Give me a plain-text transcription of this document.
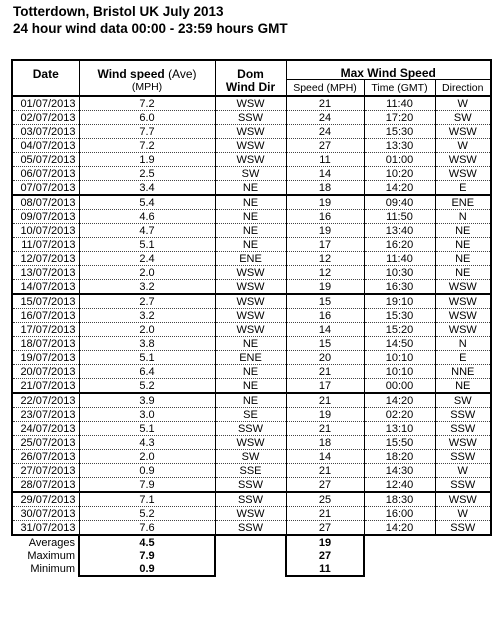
Totterdown, Bristol UK July 2013
24 hour wind data 00:00 - 23:59 hours GMT
Date	Wind speed (Ave)	Dom	Max Wind Speed		
	(MPH)	Wind Dir	Speed (MPH)	Time (GMT)	Direction
01/07/2013	7.2	WSW	21	11:40	W
02/07/2013	6.0	SSW	24	17:20	SW
03/07/2013	7.7	WSW	24	15:30	WSW
04/07/2013	7.2	WSW	27	13:30	W
05/07/2013	1.9	WSW	11	01:00	WSW
06/07/2013	2.5	SW	14	10:20	WSW
07/07/2013	3.4	NE	18	14:20	E
08/07/2013	5.4	NE	19	09:40	ENE
09/07/2013	4.6	NE	16	11:50	N
10/07/2013	4.7	NE	19	13:40	NE
11/07/2013	5.1	NE	17	16:20	NE
12/07/2013	2.4	ENE	12	11:40	NE
13/07/2013	2.0	WSW	12	10:30	NE
14/07/2013	3.2	WSW	19	16:30	WSW
15/07/2013	2.7	WSW	15	19:10	WSW
16/07/2013	3.2	WSW	16	15:30	WSW
17/07/2013	2.0	WSW	14	15:20	WSW
18/07/2013	3.8	NE	15	14:50	N
19/07/2013	5.1	ENE	20	10:10	E
20/07/2013	6.4	NE	21	10:10	NNE
21/07/2013	5.2	NE	17	00:00	NE
22/07/2013	3.9	NE	21	14:20	SW
23/07/2013	3.0	SE	19	02:20	SSW
24/07/2013	5.1	SSW	21	13:10	SSW
25/07/2013	4.3	WSW	18	15:50	WSW
26/07/2013	2.0	SW	14	18:20	SSW
27/07/2013	0.9	SSE	21	14:30	W
28/07/2013	7.9	SSW	27	12:40	SSW
29/07/2013	7.1	SSW	25	18:30	WSW
30/07/2013	5.2	WSW	21	16:00	W
31/07/2013	7.6	SSW	27	14:20	SSW
Averages	4.5		19		
Maximum	7.9		27		
Minimum	0.9		11		
